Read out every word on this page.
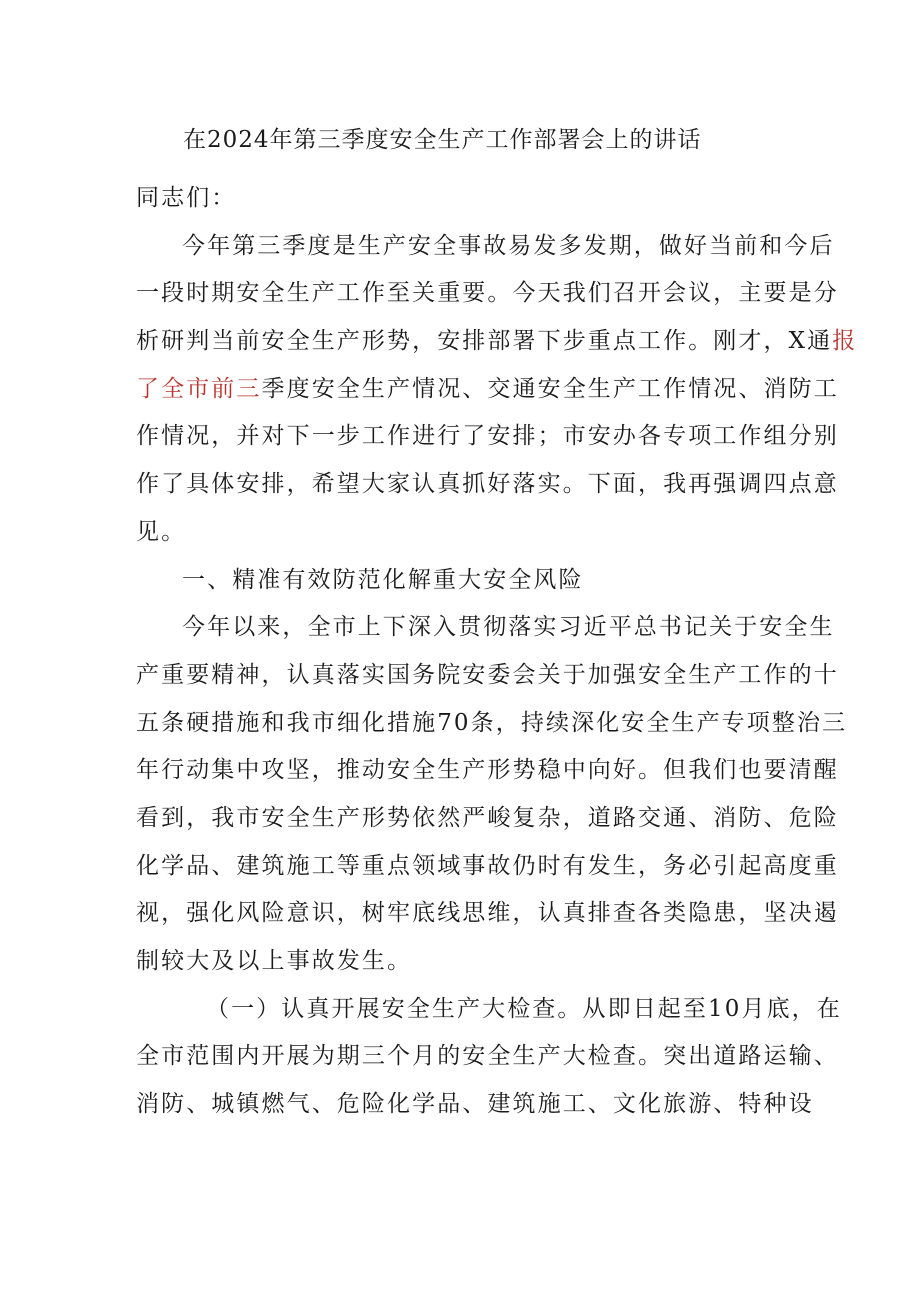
在2024年第三季度安全生产工作部署会上的讲话
同志们：
今年第三季度是生产安全事故易发多发期，做好当前和今后
一段时期安全生产工作至关重要。今天我们召开会议，主要是分
析研判当前安全生产形势，安排部署下步重点工作。刚才，X通报
了全市前三季度安全生产情况、交通安全生产工作情况、消防工
作情况，并对下一步工作进行了安排；市安办各专项工作组分别
作了具体安排，希望大家认真抓好落实。下面，我再强调四点意
见。
一、精准有效防范化解重大安全风险
今年以来，全市上下深入贯彻落实习近平总书记关于安全生
产重要精神，认真落实国务院安委会关于加强安全生产工作的十
五条硬措施和我市细化措施70条，持续深化安全生产专项整治三
年行动集中攻坚，推动安全生产形势稳中向好。但我们也要清醒
看到，我市安全生产形势依然严峻复杂，道路交通、消防、危险
化学品、建筑施工等重点领域事故仍时有发生，务必引起高度重
视，强化风险意识，树牢底线思维，认真排查各类隐患，坚决遏
制较大及以上事故发生。
（一）认真开展安全生产大检查。从即日起至10月底，在
全市范围内开展为期三个月的安全生产大检查。突出道路运输、
消防、城镇燃气、危险化学品、建筑施工、文化旅游、特种设
